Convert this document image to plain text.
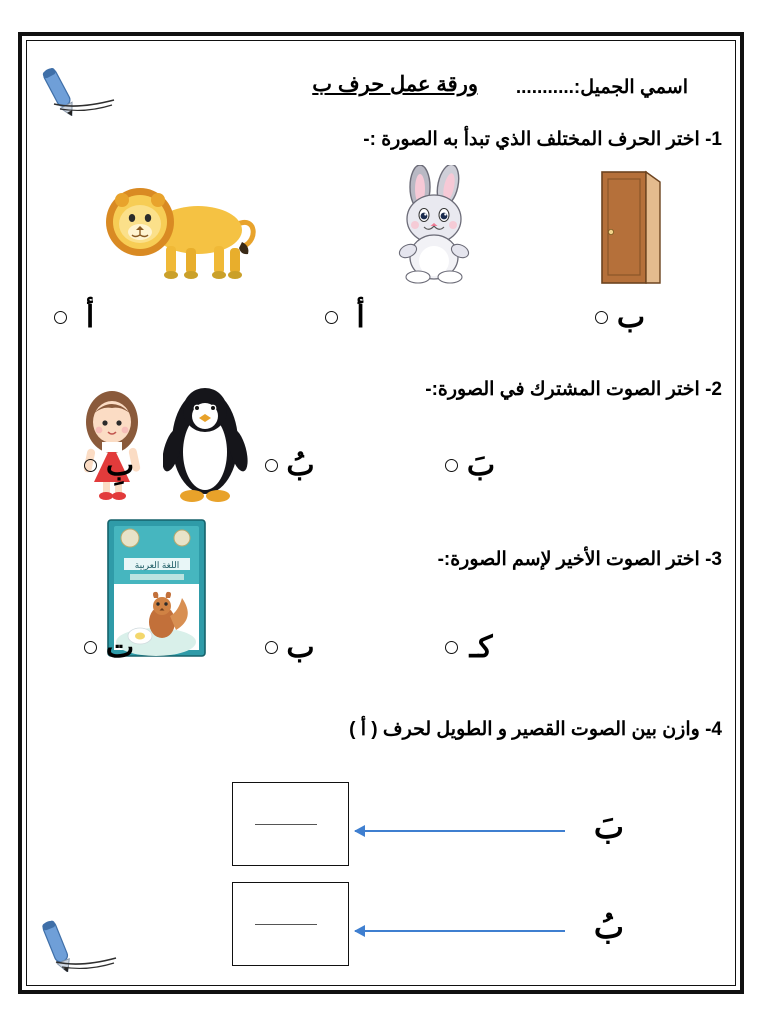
ورقة عمل حرف ب اسمي الجميل:...........
1- اختر الحرف المختلف الذي تبدأ به الصورة :-
ب
أ
أ
2- اختر الصوت المشترك في الصورة:-
بَ
بُ
بِ
3- اختر الصوت الأخير لإسم الصورة:-
اللغة العربية
كـ
ب
ت
4- وازن بين الصوت القصير و الطويل لحرف ( أ )
بَ
بُ
